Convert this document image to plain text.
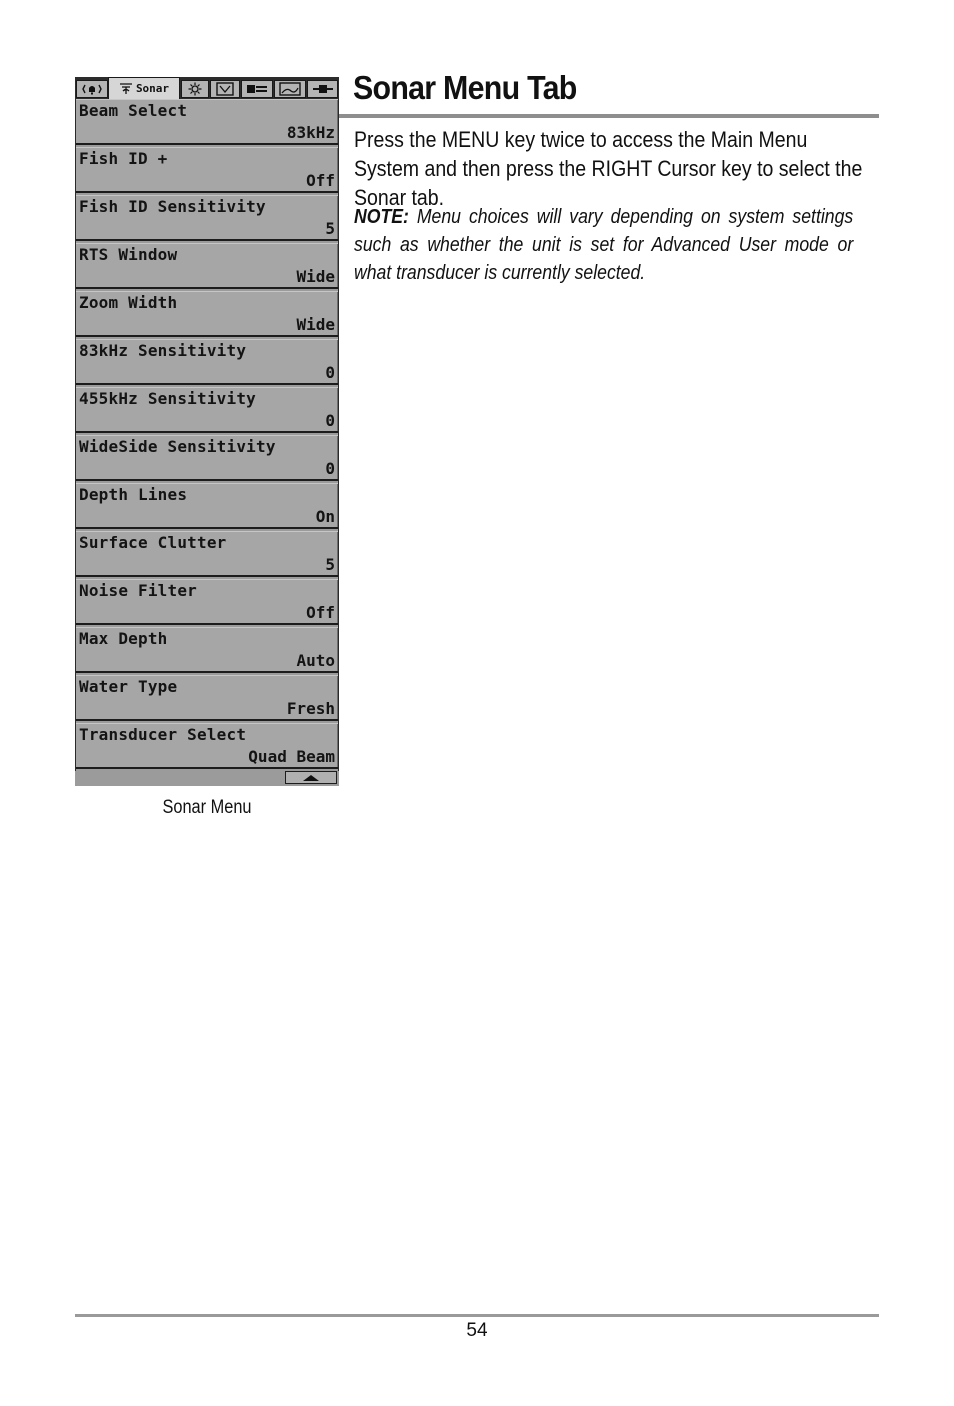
Sonar
Beam Select
83kHz
Fish ID +
Off
Fish ID Sensitivity
5
RTS Window
Wide
Zoom Width
Wide
83kHz Sensitivity
0
455kHz Sensitivity
0
WideSide Sensitivity
0
Depth Lines
On
Surface Clutter
5
Noise Filter
Off
Max Depth
Auto
Water Type
Fresh
Transducer Select
Quad Beam
Sonar Menu
Sonar Menu Tab

Press the MENU key twice to access the Main Menu System and then press the RIGHT Cursor key to select the Sonar tab.

NOTE: Menu choices will vary depending on system settings such as whether the unit is set for Advanced User mode or what transducer is currently selected.

54
